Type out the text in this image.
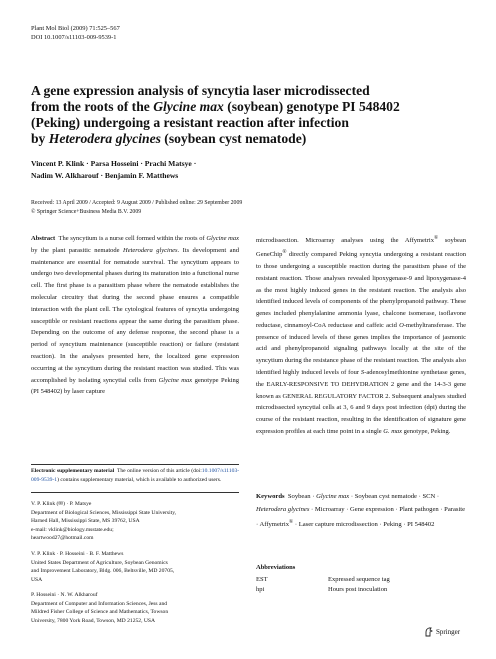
Plant Mol Biol (2009) 71:525–567
DOI 10.1007/s11103-009-9539-1
A gene expression analysis of syncytia laser microdissected
from the roots of the Glycine max (soybean) genotype PI 548402
(Peking) undergoing a resistant reaction after infection
by Heterodera glycines (soybean cyst nematode)
Vincent P. Klink · Parsa Hosseini · Prachi Matsye ·
Nadim W. Alkharouf · Benjamin F. Matthews
Received: 13 April 2009 / Accepted: 9 August 2009 / Published online: 29 September 2009
© Springer Science+Business Media B.V. 2009
Abstract The syncytium is a nurse cell formed within the roots of Glycine max by the plant parasitic nematode Heterodera glycines. Its development and maintenance are essential for nematode survival. The syncytium appears to undergo two developmental phases during its maturation into a functional nurse cell. The first phase is a parasitism phase where the nematode establishes the molecular circuitry that during the second phase ensures a compatible interaction with the plant cell. The cytological features of syncytia undergoing susceptible or resistant reactions appear the same during the parasitism phase. Depending on the outcome of any defense response, the second phase is a period of syncytium maintenance (susceptible reaction) or failure (resistant reaction). In the analyses presented here, the localized gene expression occurring at the syncytium during the resistant reaction was studied. This was accomplished by isolating syncytial cells from Glycine max genotype Peking (PI 548402) by laser capture
Electronic supplementary material The online version of this article (doi:10.1007/s11103-009-9539-1) contains supplementary material, which is available to authorized users.
V. P. Klink (✉) · P. Matsye
Department of Biological Sciences, Mississippi State University,
Harned Hall, Mississippi State, MS 39762, USA
e-mail: vklink@biology.msstate.edu;
heartwood27@hotmail.com
V. P. Klink · P. Hosseini · B. F. Matthews
United States Department of Agriculture, Soybean Genomics
and Improvement Laboratory, Bldg. 006, Beltsville, MD 20705,
USA
P. Hosseini · N. W. Alkharouf
Department of Computer and Information Sciences, Jess and
Mildred Fisher College of Science and Mathematics, Towson
University, 7800 York Road, Towson, MD 21252, USA
microdissection. Microarray analyses using the Affymetrix® soybean GeneChip® directly compared Peking syncytia undergoing a resistant reaction to those undergoing a susceptible reaction during the parasitism phase of the resistant reaction. Those analyses revealed lipoxygenase-9 and lipoxygenase-4 as the most highly induced genes in the resistant reaction. The analysis also identified induced levels of components of the phenylpropanoid pathway. These genes included phenylalanine ammonia lyase, chalcone isomerase, isoflavone reductase, cinnamoyl-CoA reductase and caffeic acid O-methyltransferase. The presence of induced levels of these genes implies the importance of jasmonic acid and phenylpropanoid signaling pathways locally at the site of the syncytium during the resistance phase of the resistant reaction. The analysis also identified highly induced levels of four S-adenosylmethionine synthetase genes, the EARLY-RESPONSIVE TO DEHYDRATION 2 gene and the 14-3-3 gene known as GENERAL REGULATORY FACTOR 2. Subsequent analyses studied microdissected syncytial cells at 3, 6 and 9 days post infection (dpi) during the course of the resistant reaction, resulting in the identification of signature gene expression profiles at each time point in a single G. max genotype, Peking.
Keywords Soybean · Glycine max · Soybean cyst nematode · SCN · Heterodera glycines · Microarray · Gene expression · Plant pathogen · Parasite · Affymetrix® · Laser capture microdissection · Peking · PI 548402
Abbreviations
EST	Expressed sequence tag
hpi	Hours post inoculation
Springer
